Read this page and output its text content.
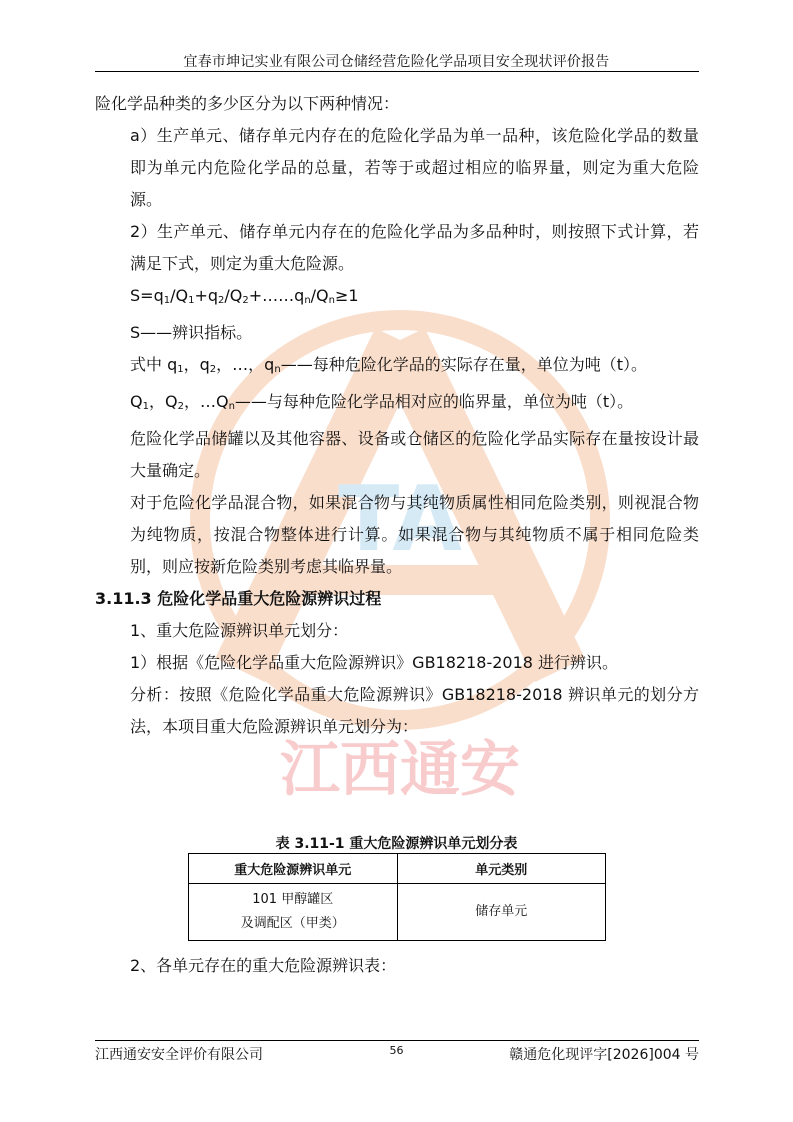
宜春市坤记实业有限公司仓储经营危险化学品项目安全现状评价报告
TA
江西通安

险化学品种类的多少区分为以下两种情况：

a）生产单元、储存单元内存在的危险化学品为单一品种，该危险化学品的数量即为单元内危险化学品的总量，若等于或超过相应的临界量，则定为重大危险源。

2）生产单元、储存单元内存在的危险化学品为多品种时，则按照下式计算，若满足下式，则定为重大危险源。

$S=q_1/Q_1+q_2/Q_2+\dots\dots q_n/Q_n\ge 1$

S——辨识指标。

式中 $q_1$，$q_2$，…，$q_n——$每种危险化学品的实际存在量，单位为吨（t）。

$Q_1$，$Q_2$，$\dots Q_n——$与每种危险化学品相对应的临界量，单位为吨（t）。

危险化学品储罐以及其他容器、设备或仓储区的危险化学品实际存在量按设计最大量确定。

对于危险化学品混合物，如果混合物与其纯物质属性相同危险类别，则视混合物为纯物质，按混合物整体进行计算。如果混合物与其纯物质不属于相同危险类别，则应按新危险类别考虑其临界量。

3.11.3 危险化学品重大危险源辨识过程

1、重大危险源辨识单元划分：

1）根据《危险化学品重大危险源辨识》GB18218-2018 进行辨识。

分析：按照《危险化学品重大危险源辨识》GB18218-2018 辨识单元的划分方法，本项目重大危险源辨识单元划分为：

表 3.11-1 重大危险源辨识单元划分表
重大危险源辨识单元	单元类别

101 甲醇罐区
及调配区（甲类）	储存单元
2、各单元存在的重大危险源辨识表：
江西通安安全评价有限公司	56	赣通危化现评字[2026]004 号
